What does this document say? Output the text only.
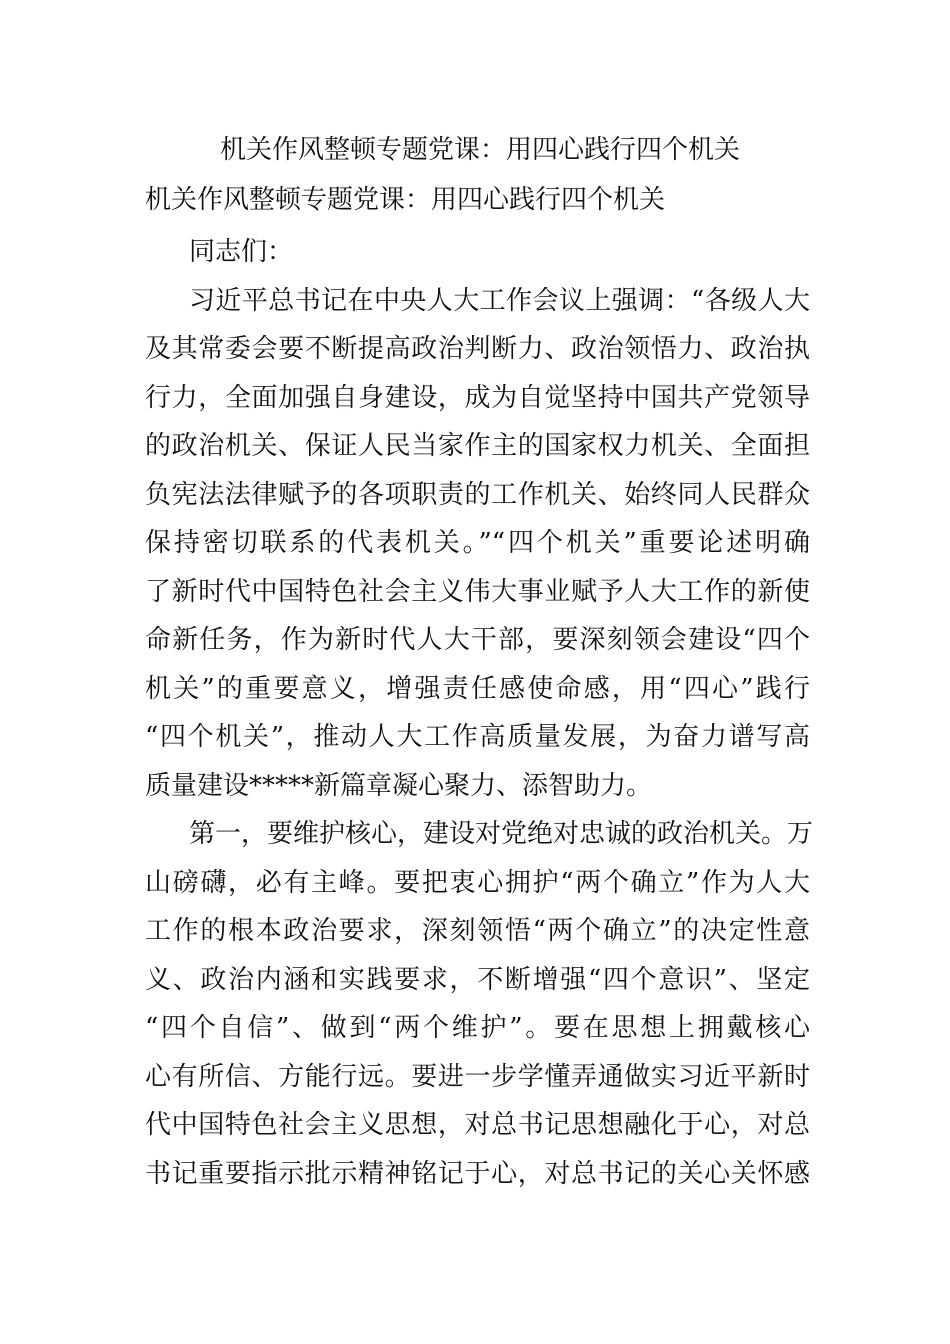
机关作风整顿专题党课：用四心践行四个机关
机关作风整顿专题党课：用四心践行四个机关
同志们：
习近平总书记在中央人大工作会议上强调：“各级人大
及其常委会要不断提高政治判断力、政治领悟力、政治执
行力，全面加强自身建设，成为自觉坚持中国共产党领导
的政治机关、保证人民当家作主的国家权力机关、全面担
负宪法法律赋予的各项职责的工作机关、始终同人民群众
保持密切联系的代表机关。”“四个机关”重要论述明确
了新时代中国特色社会主义伟大事业赋予人大工作的新使
命新任务，作为新时代人大干部，要深刻领会建设“四个
机关”的重要意义，增强责任感使命感，用“四心”践行
“四个机关”，推动人大工作高质量发展，为奋力谱写高
质量建设*****新篇章凝心聚力、添智助力。
第一，要维护核心，建设对党绝对忠诚的政治机关。万
山磅礴，必有主峰。要把衷心拥护“两个确立”作为人大
工作的根本政治要求，深刻领悟“两个确立”的决定性意
义、政治内涵和实践要求，不断增强“四个意识”、坚定
“四个自信”、做到“两个维护”。要在思想上拥戴核心
心有所信、方能行远。要进一步学懂弄通做实习近平新时
代中国特色社会主义思想，对总书记思想融化于心，对总
书记重要指示批示精神铭记于心，对总书记的关心关怀感
